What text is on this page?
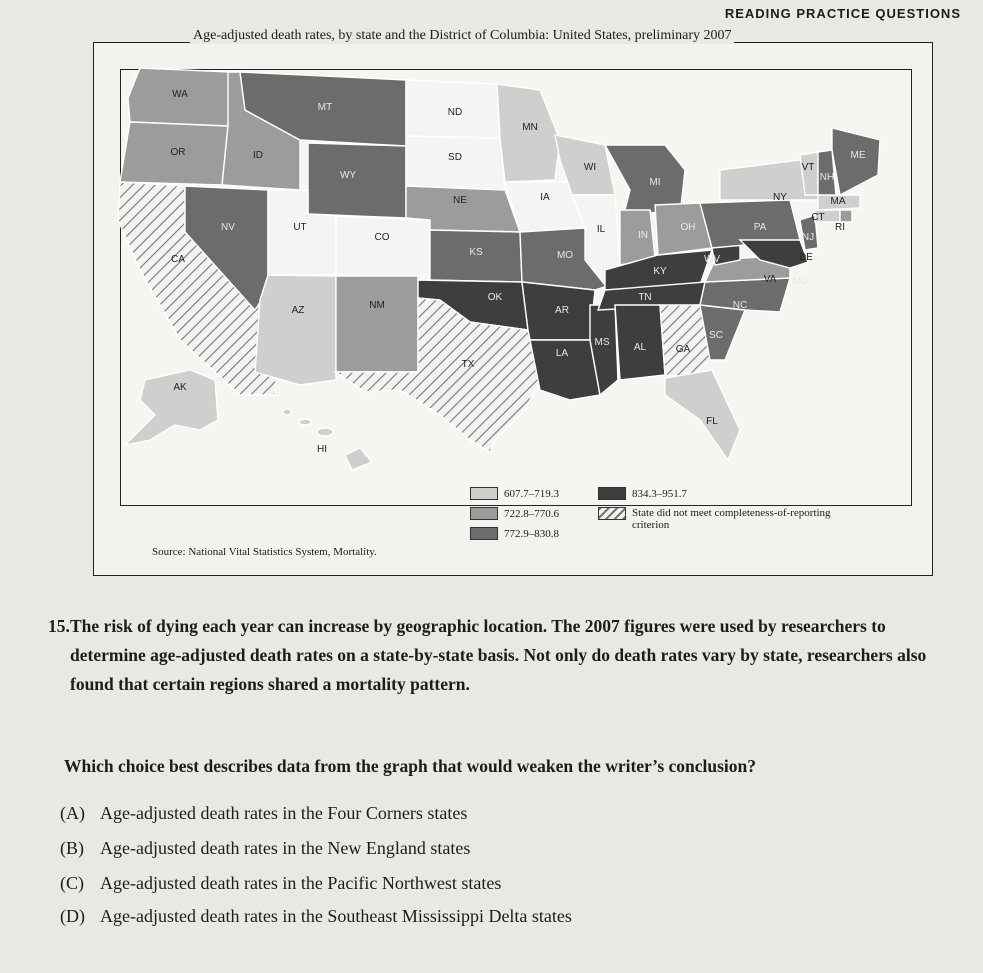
READING PRACTICE QUESTIONS
Age-adjusted death rates, by state and the District of Columbia: United States, preliminary 2007
WA
MT	ND
MN
OR	ID	SD
WI
MI
WY
NE	IA	NY
NV	UT
CO
IL
IN
OH	PA
NJ
CA
KS	MO
KY
WV
VA
DE
MD
OK	TN
NC
AR
AZ	NM
SC
MS AL	GA
LA
TX
AK
FL
HI
VT
NH
ME
MA
CT
RI
607.7–719.3
722.8–770.6
772.9–830.8
834.3–951.7
State did not meet completeness-of-reporting criterion
Source: National Vital Statistics System, Mortality.
15. The risk of dying each year can increase by geographic location. The 2007 figures were used by researchers to determine age-adjusted death rates on a state-by-state basis. Not only do death rates vary by state, researchers also found that certain regions shared a mortality pattern.
Which choice best describes data from the graph that would weaken the writer’s conclusion?
(A) Age-adjusted death rates in the Four Corners states
(B) Age-adjusted death rates in the New England states
(C) Age-adjusted death rates in the Pacific Northwest states
(D) Age-adjusted death rates in the Southeast Mississippi Delta states
